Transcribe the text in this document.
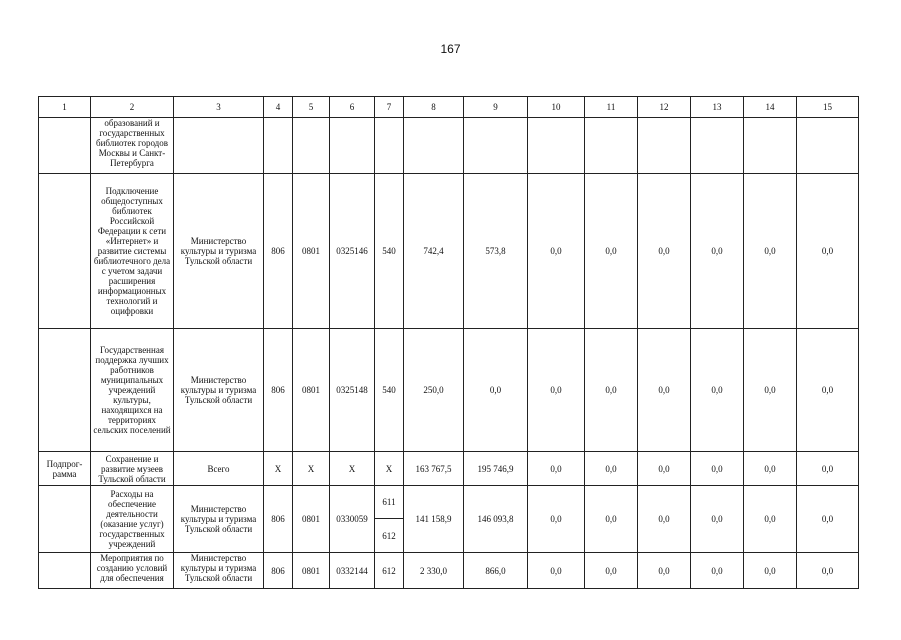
167
1	2	3	4	5	6	7	8	9	10	11	12	13	14	15
	образований и государственных библиотек городов Москвы и Санкт-Петербурга													
	Подключение общедоступных библиотек Российской Федерации к сети «Интернет» и развитие системы библиотечного дела с учетом задачи расширения информационных технологий и оцифровки	Министерство культуры и туризма Тульской области	806	0801	0325146	540	742,4	573,8	0,0	0,0	0,0	0,0	0,0	0,0
	Государственная поддержка лучших работников муниципальных учреждений культуры, находящихся на территориях сельских поселений	Министерство культуры и туризма Тульской области	806	0801	0325148	540	250,0	0,0	0,0	0,0	0,0	0,0	0,0	0,0
Подпрог-рамма	Сохранение и развитие музеев Тульской области	Всего	X	X	X	X	163 767,5	195 746,9	0,0	0,0	0,0	0,0	0,0	0,0
	Расходы на обеспечение деятельности (оказание услуг) государственных учреждений	Министерство культуры и туризма Тульской области	806	0801	0330059	611	141 158,9	146 093,8	0,0	0,0	0,0	0,0	0,0	0,0
						612								
	Мероприятия по созданию условий для обеспечения	Министерство культуры и туризма Тульской области	806	0801	0332144	612	2 330,0	866,0	0,0	0,0	0,0	0,0	0,0	0,0
